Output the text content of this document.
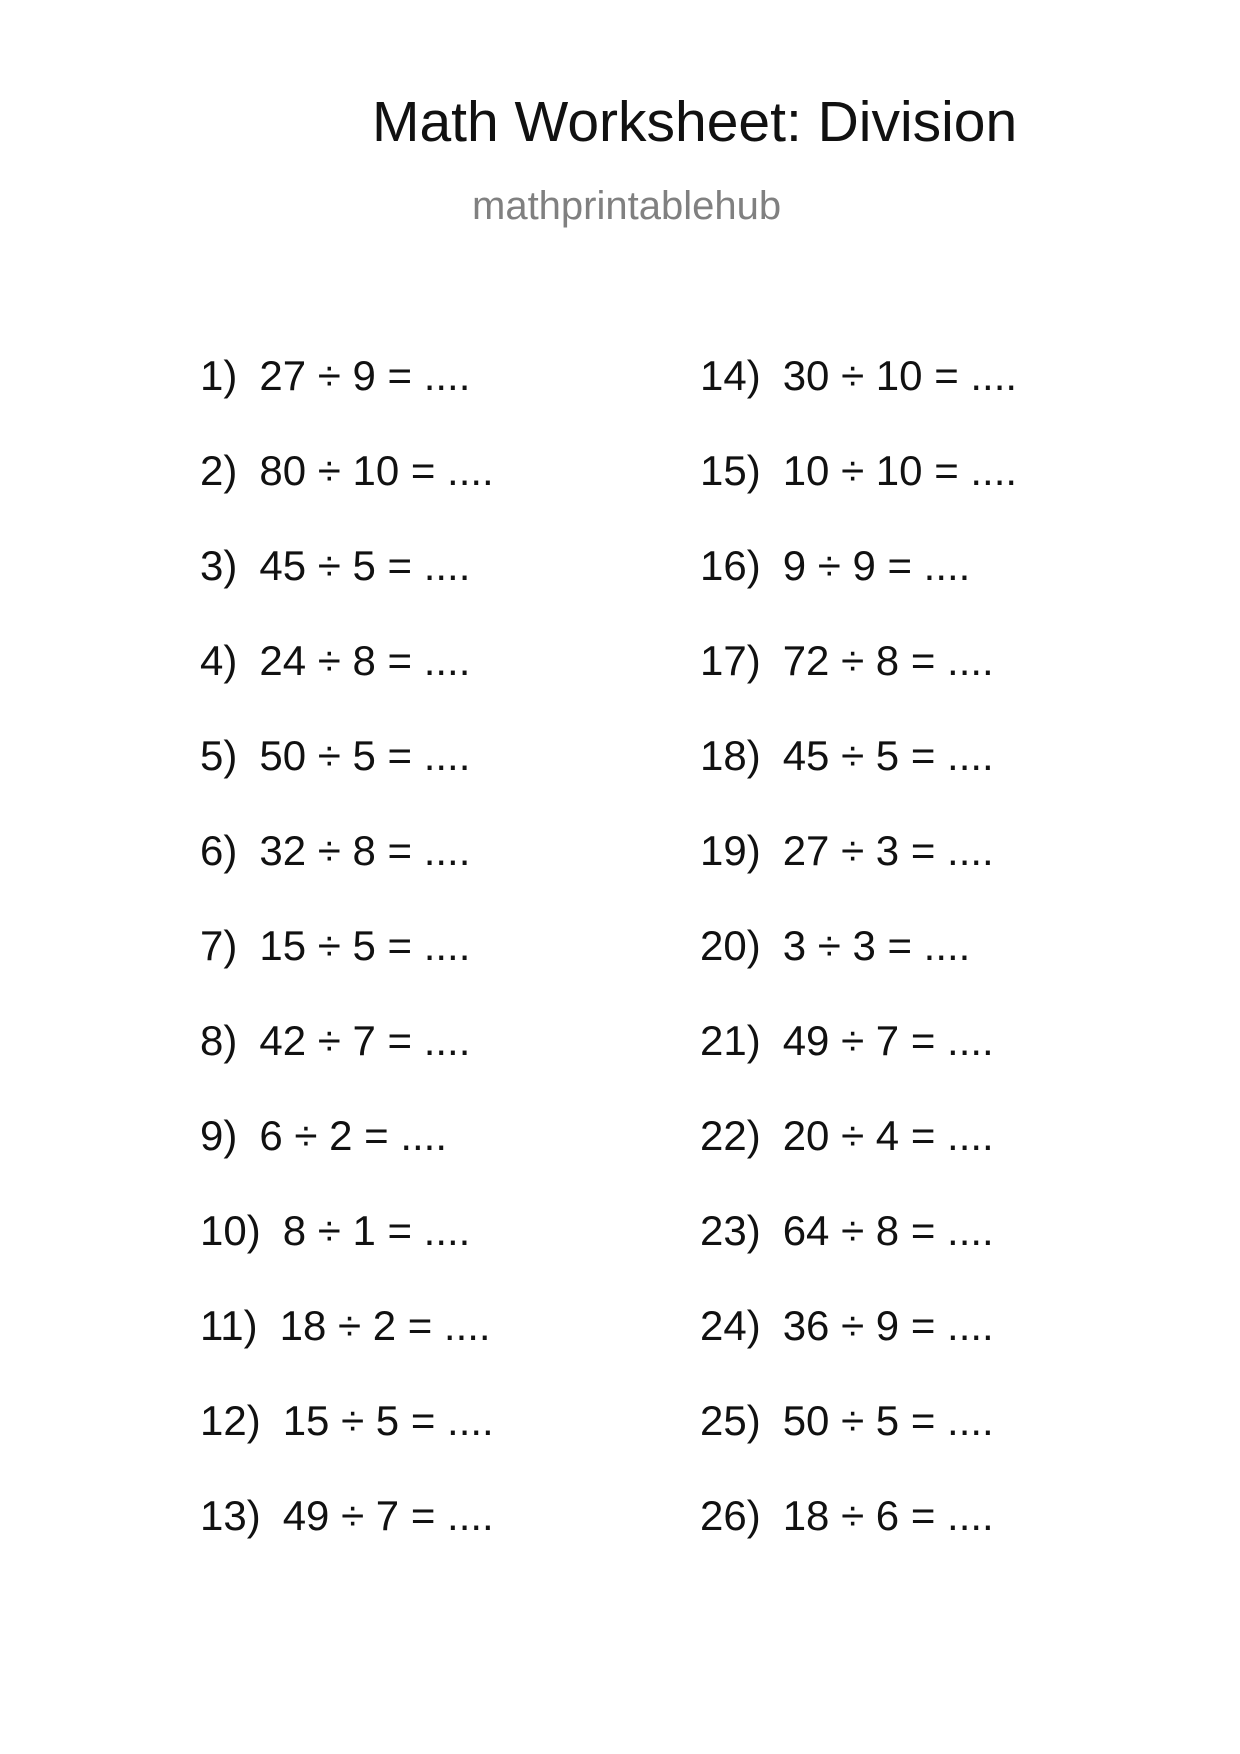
Math Worksheet: Division
mathprintablehub
1) 27 ÷ 9 = ....
2) 80 ÷ 10 = ....
3) 45 ÷ 5 = ....
4) 24 ÷ 8 = ....
5) 50 ÷ 5 = ....
6) 32 ÷ 8 = ....
7) 15 ÷ 5 = ....
8) 42 ÷ 7 = ....
9) 6 ÷ 2 = ....
10) 8 ÷ 1 = ....
11) 18 ÷ 2 = ....
12) 15 ÷ 5 = ....
13) 49 ÷ 7 = ....
14) 30 ÷ 10 = ....
15) 10 ÷ 10 = ....
16) 9 ÷ 9 = ....
17) 72 ÷ 8 = ....
18) 45 ÷ 5 = ....
19) 27 ÷ 3 = ....
20) 3 ÷ 3 = ....
21) 49 ÷ 7 = ....
22) 20 ÷ 4 = ....
23) 64 ÷ 8 = ....
24) 36 ÷ 9 = ....
25) 50 ÷ 5 = ....
26) 18 ÷ 6 = ....
